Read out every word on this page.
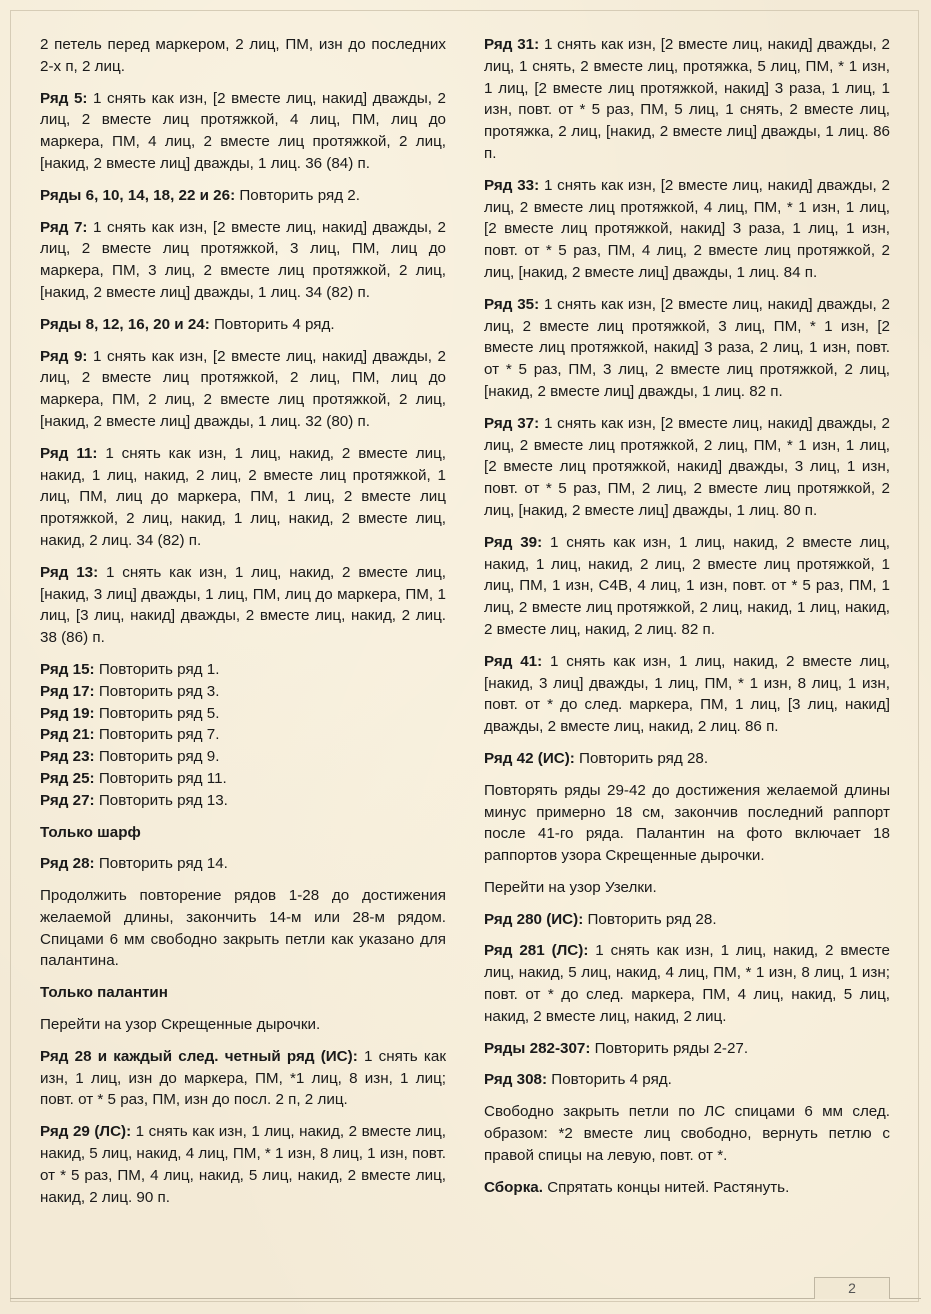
2 петель перед маркером, 2 лиц, ПМ, изн до последних 2-х п, 2 лиц.

Ряд 5: 1 снять как изн, [2 вместе лиц, накид] дважды, 2 лиц, 2 вместе лиц протяжкой, 4 лиц, ПМ, лиц до маркера, ПМ, 4 лиц, 2 вместе лиц протяжкой, 2 лиц, [накид, 2 вместе лиц] дважды, 1 лиц. 36 (84) п.

Ряды 6, 10, 14, 18, 22 и 26: Повторить ряд 2.

Ряд 7: 1 снять как изн, [2 вместе лиц, накид] дважды, 2 лиц, 2 вместе лиц протяжкой, 3 лиц, ПМ, лиц до маркера, ПМ, 3 лиц, 2 вместе лиц протяжкой, 2 лиц, [накид, 2 вместе лиц] дважды, 1 лиц. 34 (82) п.

Ряды 8, 12, 16, 20 и 24: Повторить 4 ряд.

Ряд 9: 1 снять как изн, [2 вместе лиц, накид] дважды, 2 лиц, 2 вместе лиц протяжкой, 2 лиц, ПМ, лиц до маркера, ПМ, 2 лиц, 2 вместе лиц протяжкой, 2 лиц, [накид, 2 вместе лиц] дважды, 1 лиц. 32 (80) п.

Ряд 11: 1 снять как изн, 1 лиц, накид, 2 вместе лиц, накид, 1 лиц, накид, 2 лиц, 2 вместе лиц протяжкой, 1 лиц, ПМ, лиц до маркера, ПМ, 1 лиц, 2 вместе лиц протяжкой, 2 лиц, накид, 1 лиц, накид, 2 вместе лиц, накид, 2 лиц. 34 (82) п.

Ряд 13: 1 снять как изн, 1 лиц, накид, 2 вместе лиц, [накид, 3 лиц] дважды, 1 лиц, ПМ, лиц до маркера, ПМ, 1 лиц, [3 лиц, накид] дважды, 2 вместе лиц, накид, 2 лиц. 38 (86) п.

Ряд 15: Повторить ряд 1.

Ряд 17: Повторить ряд 3.

Ряд 19: Повторить ряд 5.

Ряд 21: Повторить ряд 7.

Ряд 23: Повторить ряд 9.

Ряд 25: Повторить ряд 11.

Ряд 27: Повторить ряд 13.

Только шарф

Ряд 28: Повторить ряд 14.

Продолжить повторение рядов 1-28 до достижения желаемой длины, закончить 14-м или 28-м рядом. Спицами 6 мм свободно закрыть петли как указано для палантина.

Только палантин

Перейти на узор Скрещенные дырочки.

Ряд 28 и каждый след. четный ряд (ИС): 1 снять как изн, 1 лиц, изн до маркера, ПМ, *1 лиц, 8 изн, 1 лиц; повт. от * 5 раз, ПМ, изн до посл. 2 п, 2 лиц.

Ряд 29 (ЛС): 1 снять как изн, 1 лиц, накид, 2 вместе лиц, накид, 5 лиц, накид, 4 лиц, ПМ, * 1 изн, 8 лиц, 1 изн, повт. от * 5 раз, ПМ, 4 лиц, накид, 5 лиц, накид, 2 вместе лиц, накид, 2 лиц. 90 п.

Ряд 31: 1 снять как изн, [2 вместе лиц, накид] дважды, 2 лиц, 1 снять, 2 вместе лиц, протяжка, 5 лиц, ПМ, * 1 изн, 1 лиц, [2 вместе лиц протяжкой, накид] 3 раза, 1 лиц, 1 изн, повт. от * 5 раз, ПМ, 5 лиц, 1 снять, 2 вместе лиц, протяжка, 2 лиц, [накид, 2 вместе лиц] дважды, 1 лиц. 86 п.

Ряд 33: 1 снять как изн, [2 вместе лиц, накид] дважды, 2 лиц, 2 вместе лиц протяжкой, 4 лиц, ПМ, * 1 изн, 1 лиц, [2 вместе лиц протяжкой, накид] 3 раза, 1 лиц, 1 изн, повт. от * 5 раз, ПМ, 4 лиц, 2 вместе лиц протяжкой, 2 лиц, [накид, 2 вместе лиц] дважды, 1 лиц. 84 п.

Ряд 35: 1 снять как изн, [2 вместе лиц, накид] дважды, 2 лиц, 2 вместе лиц протяжкой, 3 лиц, ПМ, * 1 изн, [2 вместе лиц протяжкой, накид] 3 раза, 2 лиц, 1 изн, повт. от * 5 раз, ПМ, 3 лиц, 2 вместе лиц протяжкой, 2 лиц, [накид, 2 вместе лиц] дважды, 1 лиц. 82 п.

Ряд 37: 1 снять как изн, [2 вместе лиц, накид] дважды, 2 лиц, 2 вместе лиц протяжкой, 2 лиц, ПМ, * 1 изн, 1 лиц, [2 вместе лиц протяжкой, накид] дважды, 3 лиц, 1 изн, повт. от * 5 раз, ПМ, 2 лиц, 2 вместе лиц протяжкой, 2 лиц, [накид, 2 вместе лиц] дважды, 1 лиц. 80 п.

Ряд 39: 1 снять как изн, 1 лиц, накид, 2 вместе лиц, накид, 1 лиц, накид, 2 лиц, 2 вместе лиц протяжкой, 1 лиц, ПМ, 1 изн, С4В, 4 лиц, 1 изн, повт. от * 5 раз, ПМ, 1 лиц, 2 вместе лиц протяжкой, 2 лиц, накид, 1 лиц, накид, 2 вместе лиц, накид, 2 лиц. 82 п.

Ряд 41: 1 снять как изн, 1 лиц, накид, 2 вместе лиц, [накид, 3 лиц] дважды, 1 лиц, ПМ, * 1 изн, 8 лиц, 1 изн, повт. от * до след. маркера, ПМ, 1 лиц, [3 лиц, накид] дважды, 2 вместе лиц, накид, 2 лиц. 86 п.

Ряд 42 (ИС): Повторить ряд 28.

Повторять ряды 29-42 до достижения желаемой длины минус примерно 18 см, закончив последний раппорт после 41-го ряда. Палантин на фото включает 18 раппортов узора Скрещенные дырочки.

Перейти на узор Узелки.

Ряд 280 (ИС): Повторить ряд 28.

Ряд 281 (ЛС): 1 снять как изн, 1 лиц, накид, 2 вместе лиц, накид, 5 лиц, накид, 4 лиц, ПМ, * 1 изн, 8 лиц, 1 изн; повт. от * до след. маркера, ПМ, 4 лиц, накид, 5 лиц, накид, 2 вместе лиц, накид, 2 лиц.

Ряды 282-307: Повторить ряды 2-27.

Ряд 308: Повторить 4 ряд.

Свободно закрыть петли по ЛС спицами 6 мм след. образом: *2 вместе лиц свободно, вернуть петлю с правой спицы на левую, повт. от *.

Сборка. Спрятать концы нитей. Растянуть.

2
